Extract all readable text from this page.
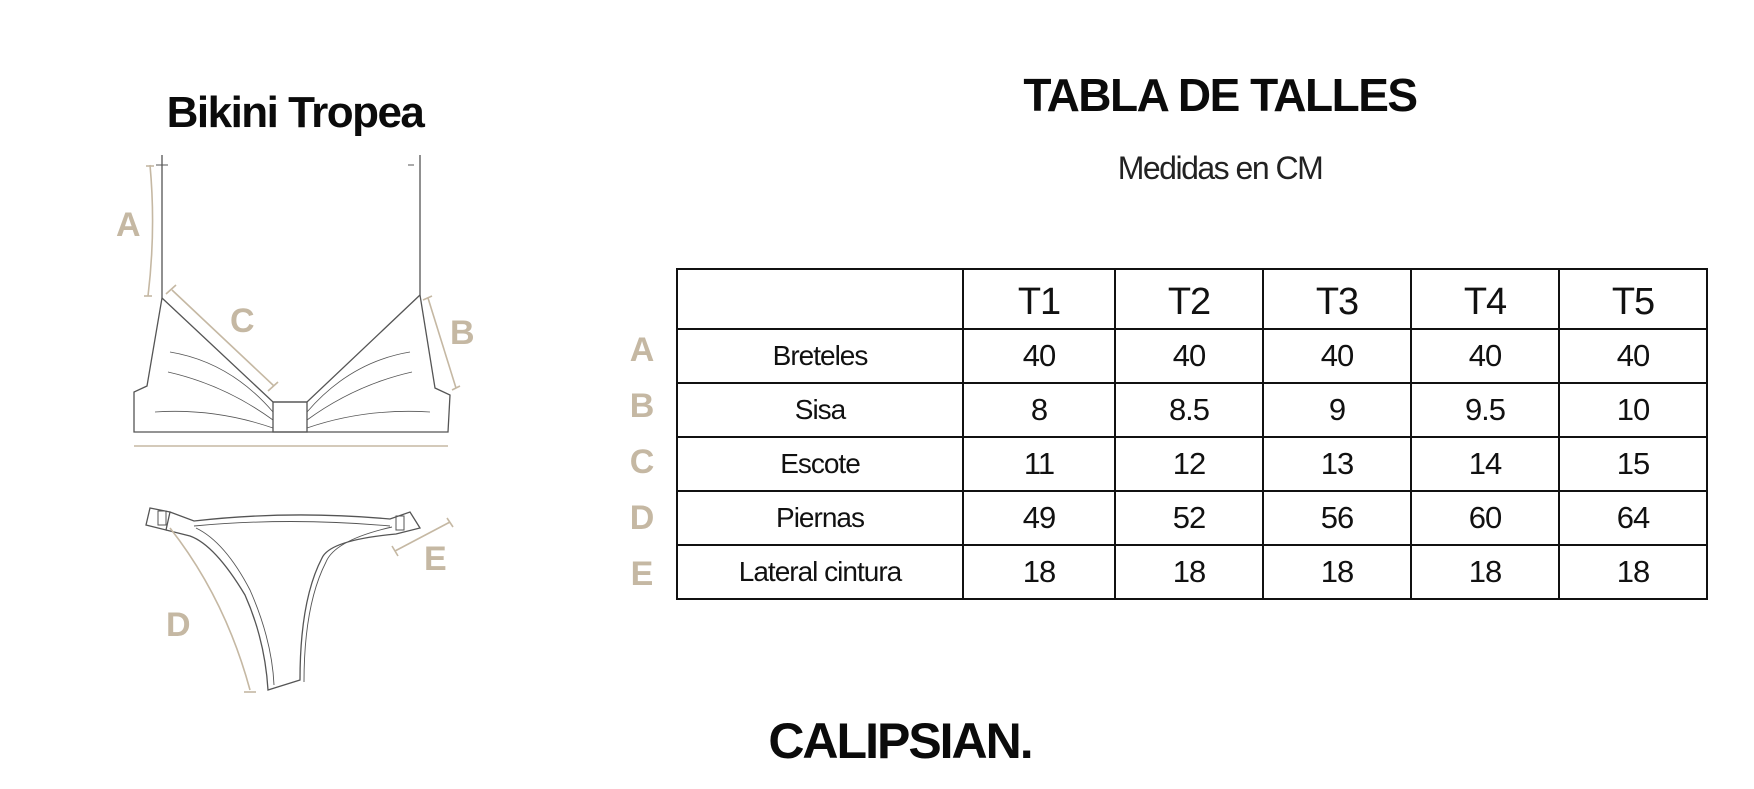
Bikini Tropea
A
C	B
E
D
TABLA DE TALLES
Medidas en CM
A
B
C
D
E
	T1	T2	T3	T4	T5
Breteles	40	40	40	40	40
Sisa	8	8.5	9	9.5	10
Escote	11	12	13	14	15
Piernas	49	52	56	60	64
Lateral cintura	18	18	18	18	18
CALIPSIAN.
